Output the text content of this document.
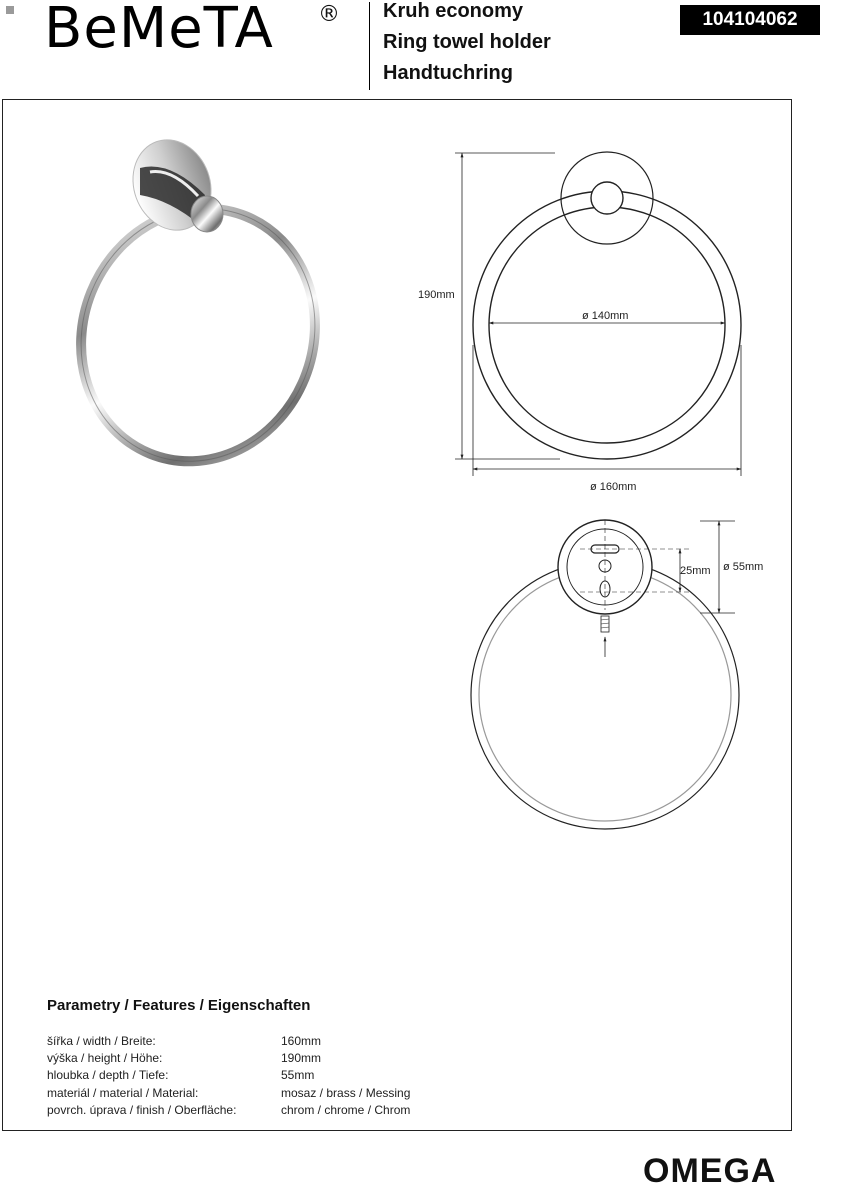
BeMeTA ® Kruh economy
Ring towel holder
Handtuchring
104104062
190mm
ø 140mm
ø 160mm
25mm ø 55mm
Parametry / Features / Eigenschaften
šířka / width / Breite:	160mm
výška / height / Höhe:	190mm
hloubka / depth / Tiefe:	55mm
materiál / material / Material:	mosaz / brass / Messing
povrch. úprava / finish / Oberfläche:	chrom / chrome / Chrom
OMEGA
